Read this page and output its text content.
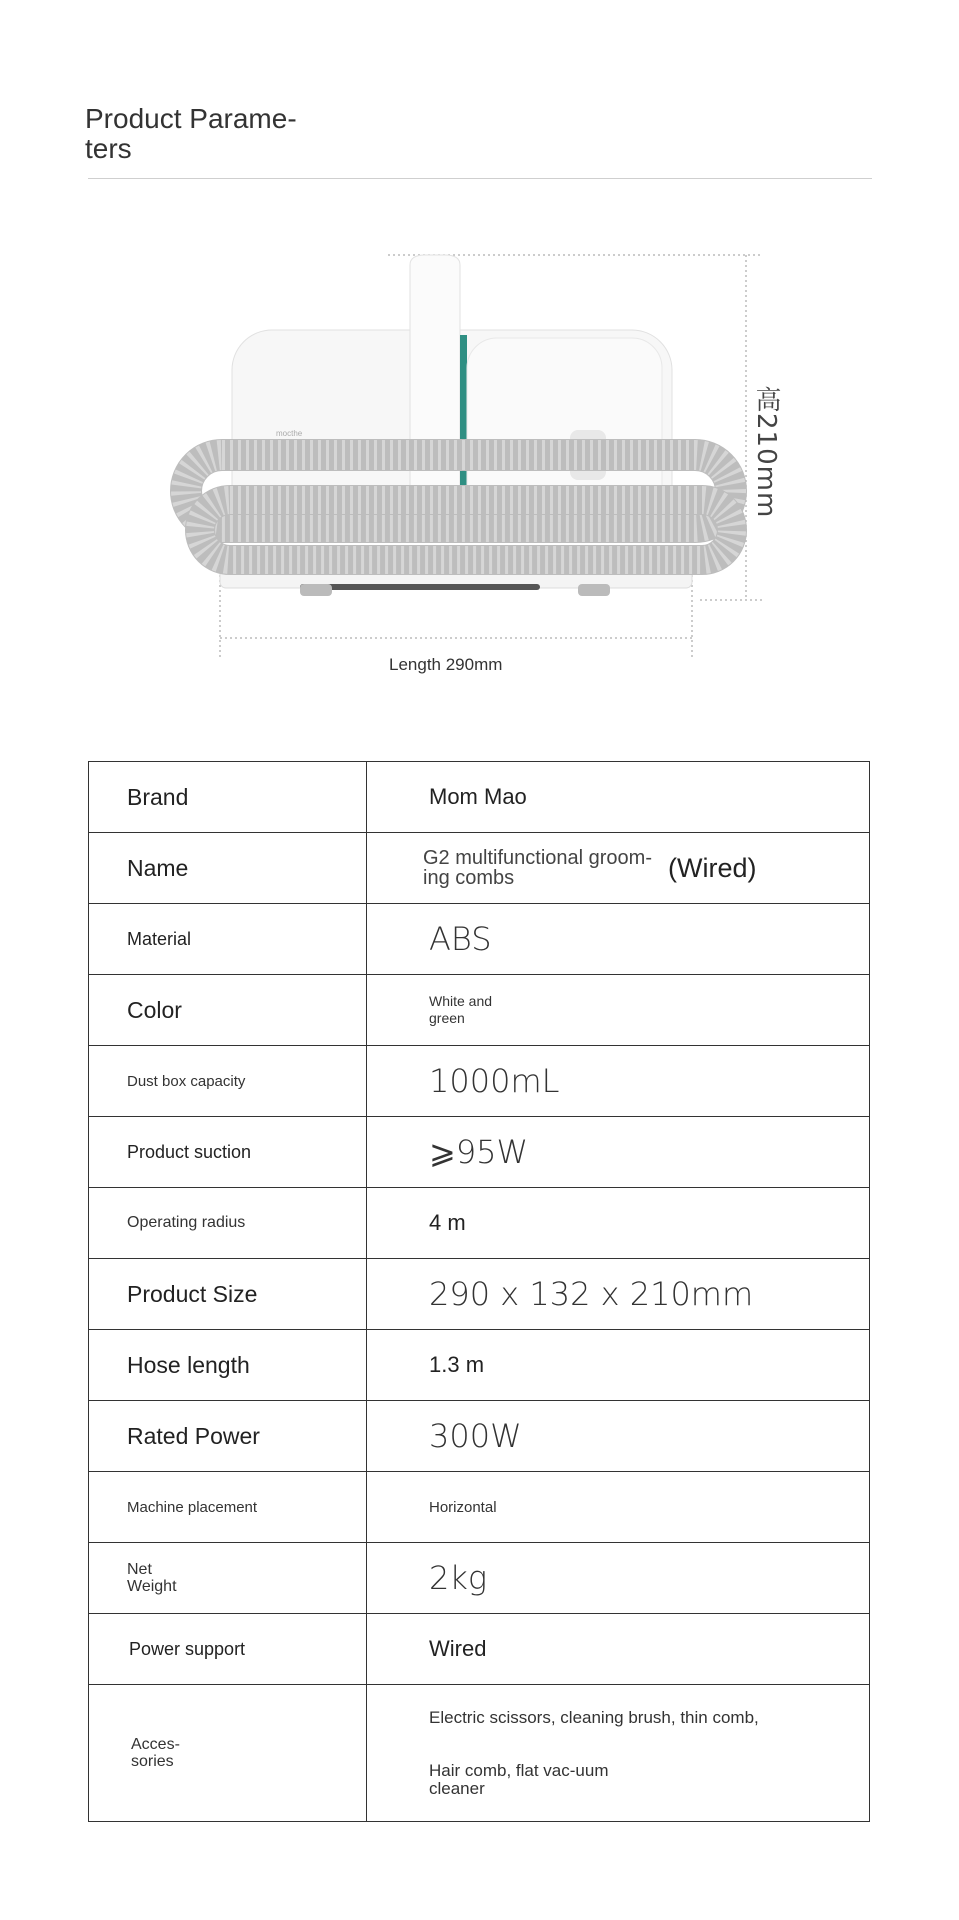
Product Parame-
ters
mocthe	高210mm
Length 290mm
Brand	Mom Mao
Name	G2 multifunctional groom-ing combs (Wired)

Material	ABS
Color	White and green
Dust box capacity	1000mL
Product suction	⩾95W
Operating radius	4 m
Product Size	290 x 132 x 210mm
Hose length	1.3 m
Rated Power	300W
Machine placement	Horizontal
Net Weight	2kg
Power support	Wired
Acces-sories	Electric scissors, cleaning brush, thin comb,
Hair comb, flat vac-uum cleaner
